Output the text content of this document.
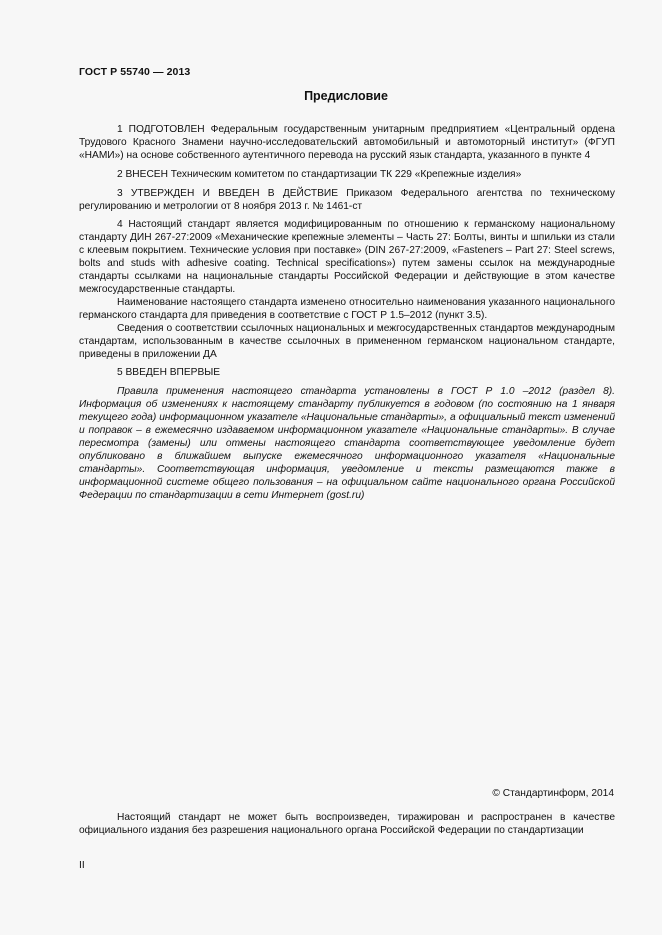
ГОСТ Р 55740 — 2013
Предисловие

1 ПОДГОТОВЛЕН Федеральным государственным унитарным предприятием «Центральный ордена Трудового Красного Знамени научно-исследовательский автомобильный и автомоторный институт» (ФГУП «НАМИ») на основе собственного аутентичного перевода на русский язык стандарта, указанного в пункте 4

2 ВНЕСЕН Техническим комитетом по стандартизации ТК 229 «Крепежные изделия»

3 УТВЕРЖДЕН И ВВЕДЕН В ДЕЙСТВИЕ Приказом Федерального агентства по техническому регулированию и метрологии от 8 ноября 2013 г. № 1461-ст

4 Настоящий стандарт является модифицированным по отношению к германскому национальному стандарту ДИН 267-27:2009 «Механические крепежные элементы – Часть 27: Болты, винты и шпильки из стали с клеевым покрытием. Технические условия при поставке» (DIN 267-27:2009, «Fasteners – Part 27: Steel screws, bolts and studs with adhesive coating. Technical specifications») путем замены ссылок на международные стандарты ссылками на национальные стандарты Российской Федерации и действующие в этом качестве межгосударственные стандарты.

Наименование настоящего стандарта изменено относительно наименования указанного национального германского стандарта для приведения в соответствие с ГОСТ Р 1.5–2012 (пункт 3.5).

Сведения о соответствии ссылочных национальных и межгосударственных стандартов международным стандартам, использованным в качестве ссылочных в примененном германском национальном стандарте, приведены в приложении ДА

5 ВВЕДЕН ВПЕРВЫЕ

Правила применения настоящего стандарта установлены в ГОСТ Р 1.0 –2012 (раздел 8). Информация об изменениях к настоящему стандарту публикуется в годовом (по состоянию на 1 января текущего года) информационном указателе «Национальные стандарты», а официальный текст изменений и поправок – в ежемесячно издаваемом информационном указателе «Национальные стандарты». В случае пересмотра (замены) или отмены настоящего стандарта соответствующее уведомление будет опубликовано в ближайшем выпуске ежемесячного информационного указателя «Национальные стандарты». Соответствующая информация, уведомление и тексты размещаются также в информационной системе общего пользования – на официальном сайте национального органа Российской Федерации по стандартизации в сети Интернет (gost.ru)

© Стандартинформ, 2014
Настоящий стандарт не может быть воспроизведен, тиражирован и распространен в качестве официального издания без разрешения национального органа Российской Федерации по стандартизации
II
